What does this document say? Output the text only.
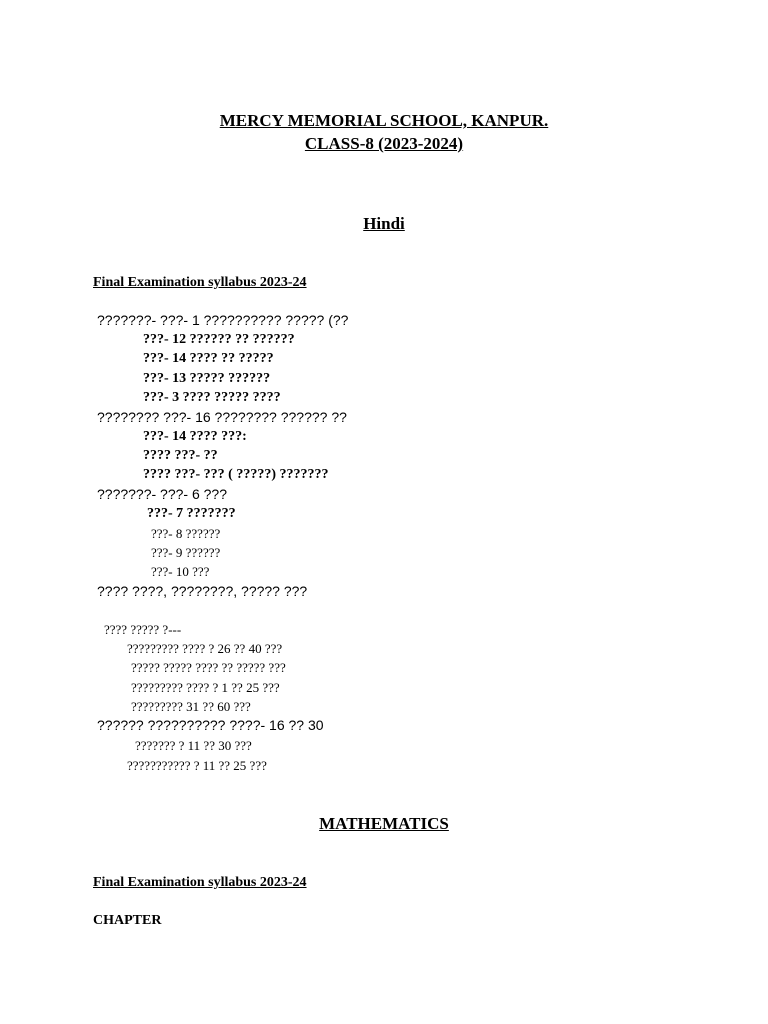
MERCY MEMORIAL SCHOOL, KANPUR.
CLASS-8 (2023-2024)
Hindi
Final Examination syllabus 2023-24
???????- ???- 1 ?????????? ????? (??
???- 12 ?????? ?? ??????
???- 14 ???? ?? ?????
???- 13 ????? ??????
???- 3 ???? ????? ????
???????? ???- 16 ???????? ?????? ??
???- 14 ???? ???:
???? ???- ??
???? ???- ??? ( ?????) ???????
???????- ???- 6 ???
???- 7 ???????
???- 8 ??????
???- 9 ??????
???- 10 ???
???? ????, ????????, ????? ???
???? ????? ?---
????????? ???? ? 26 ?? 40 ???
????? ????? ???? ?? ????? ???
????????? ???? ? 1 ?? 25 ???
????????? 31 ?? 60 ???
?????? ?????????? ????- 16 ?? 30
??????? ? 11 ?? 30 ???
??????????? ? 11 ?? 25 ???
MATHEMATICS
Final Examination syllabus 2023-24
CHAPTER
